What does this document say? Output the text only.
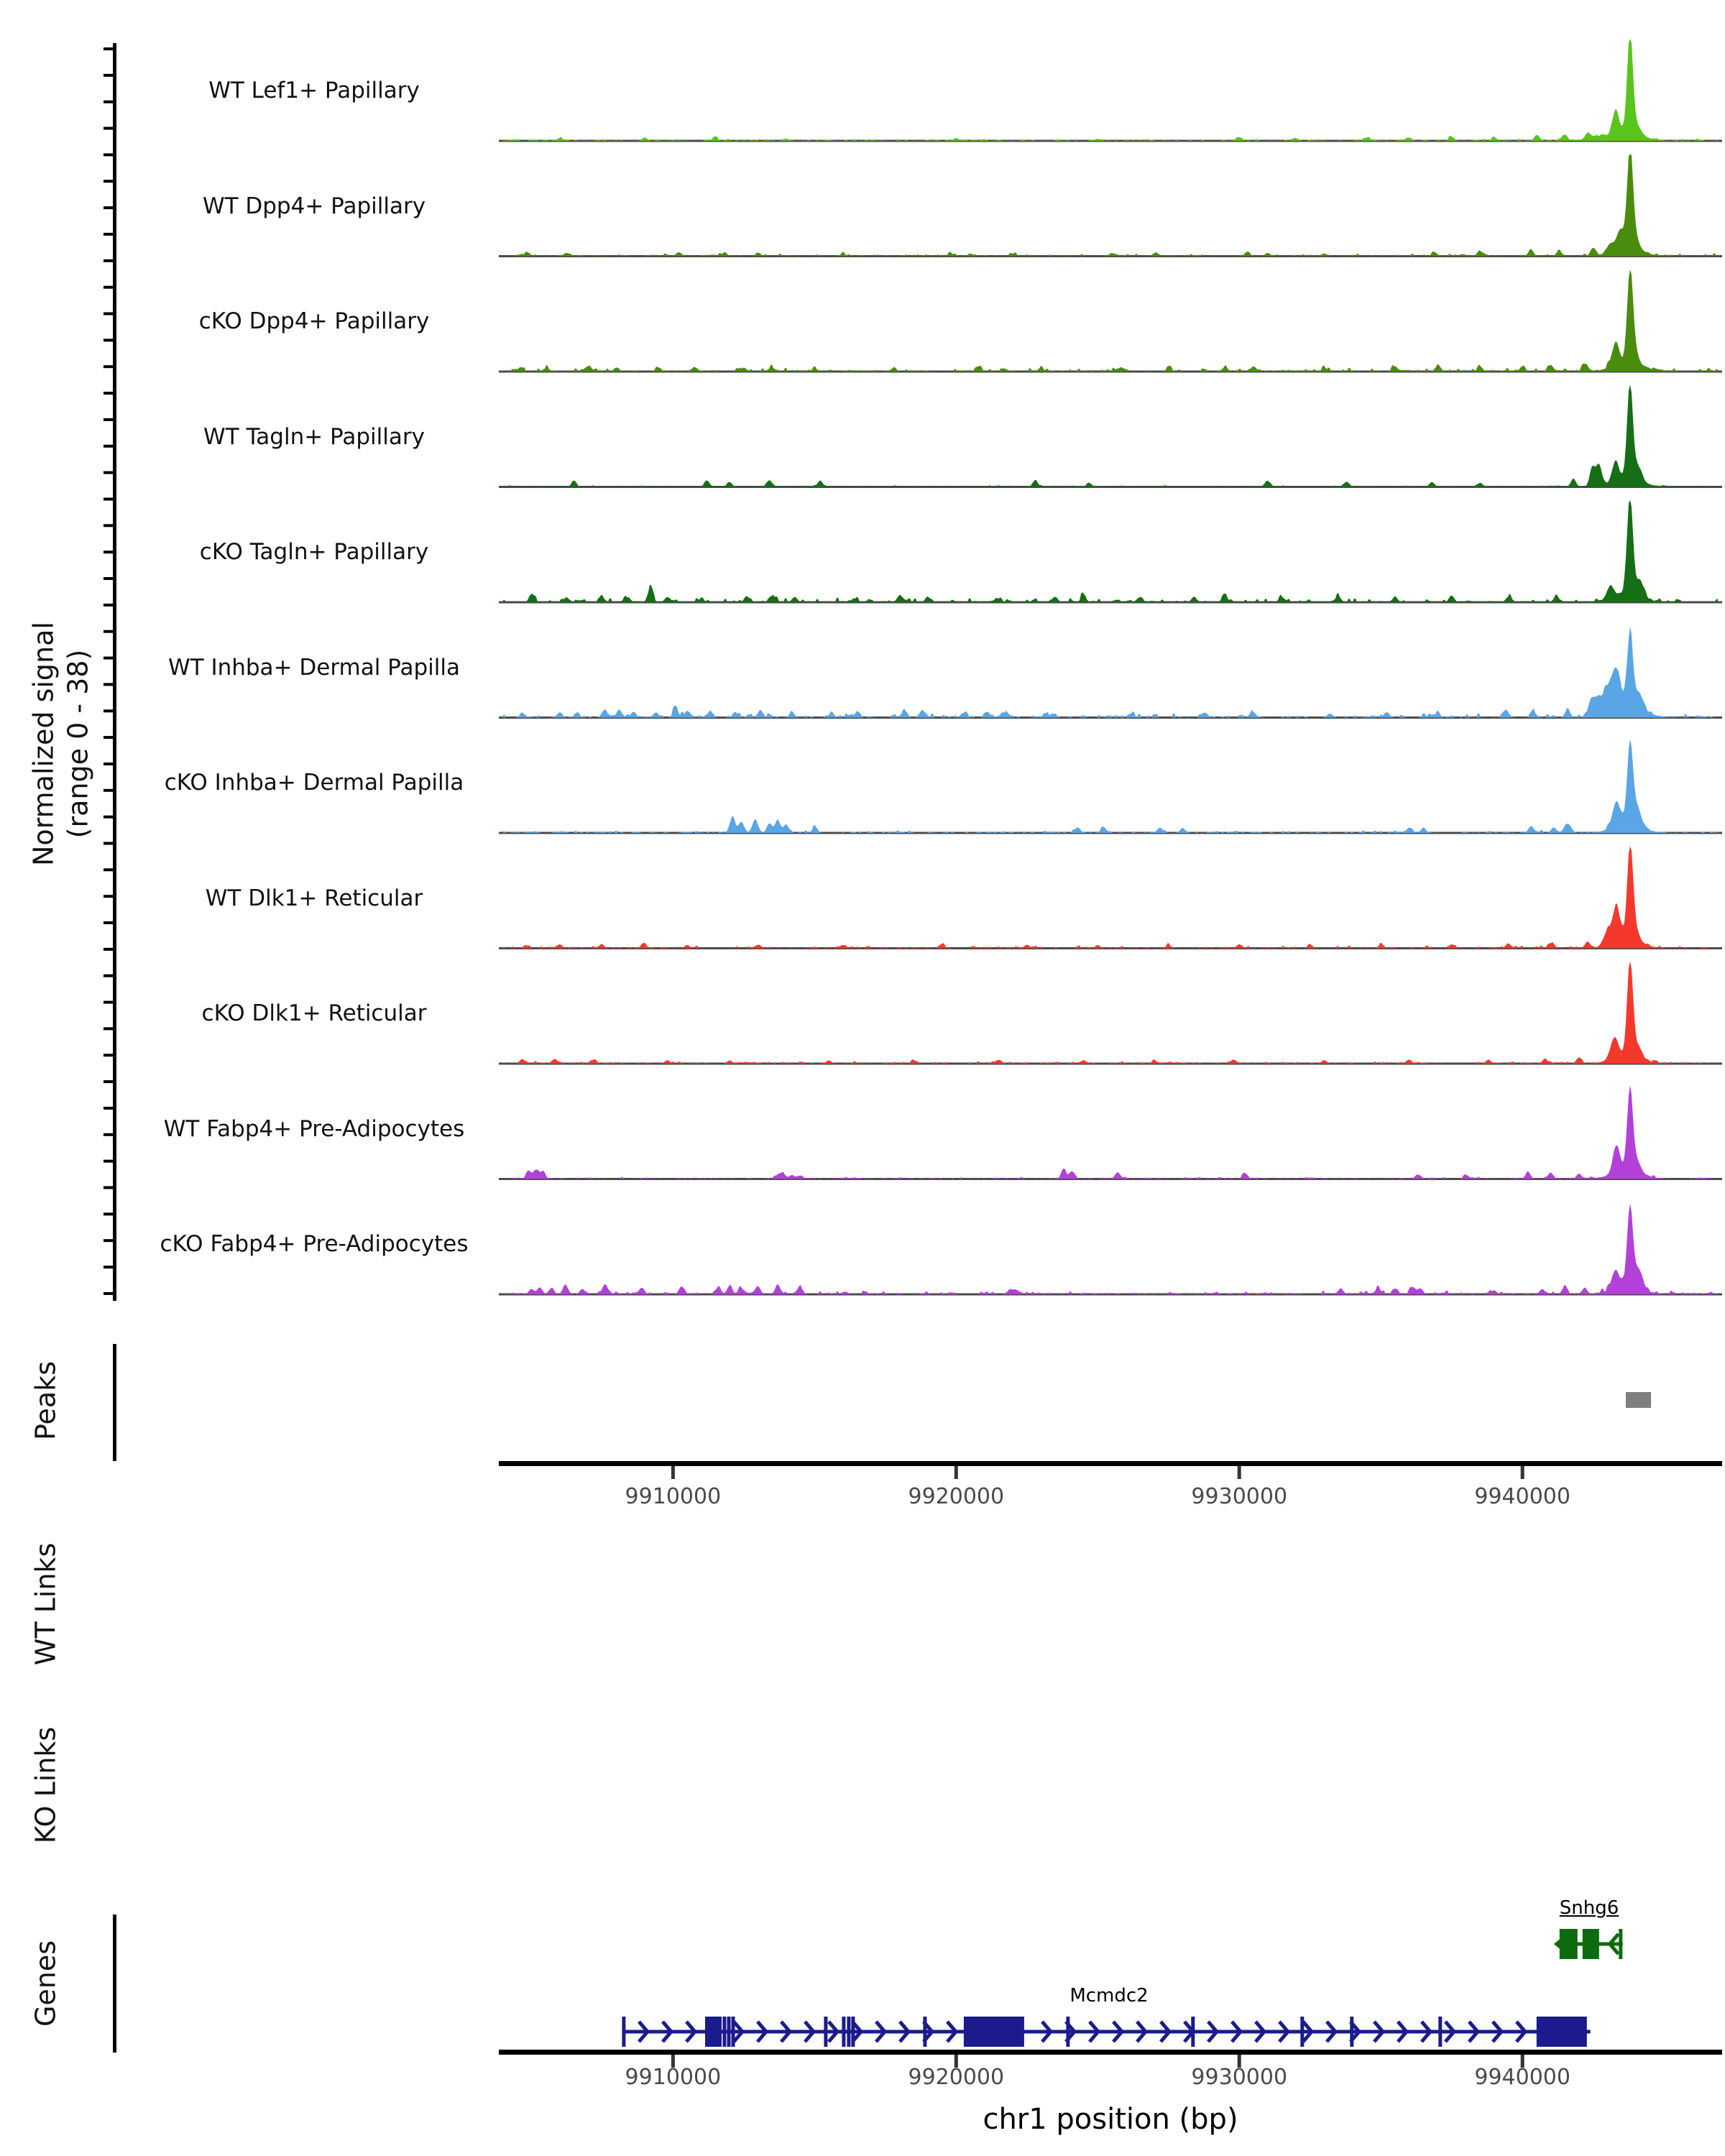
Normalized signal
(range 0 - 38)
Peaks
WT Links
KO Links
Genes
chr1 position (bp)
WT Lef1+ Papillary
WT Dpp4+ Papillary
cKO Dpp4+ Papillary
WT Tagln+ Papillary
cKO Tagln+ Papillary
WT Inhba+ Dermal Papilla
cKO Inhba+ Dermal Papilla
WT Dlk1+ Reticular
cKO Dlk1+ Reticular
WT Fabp4+ Pre-Adipocytes
cKO Fabp4+ Pre-Adipocytes
9910000
9910000
9920000
9920000
9930000
9930000
9940000
9940000
Mcmdc2
Snhg6
